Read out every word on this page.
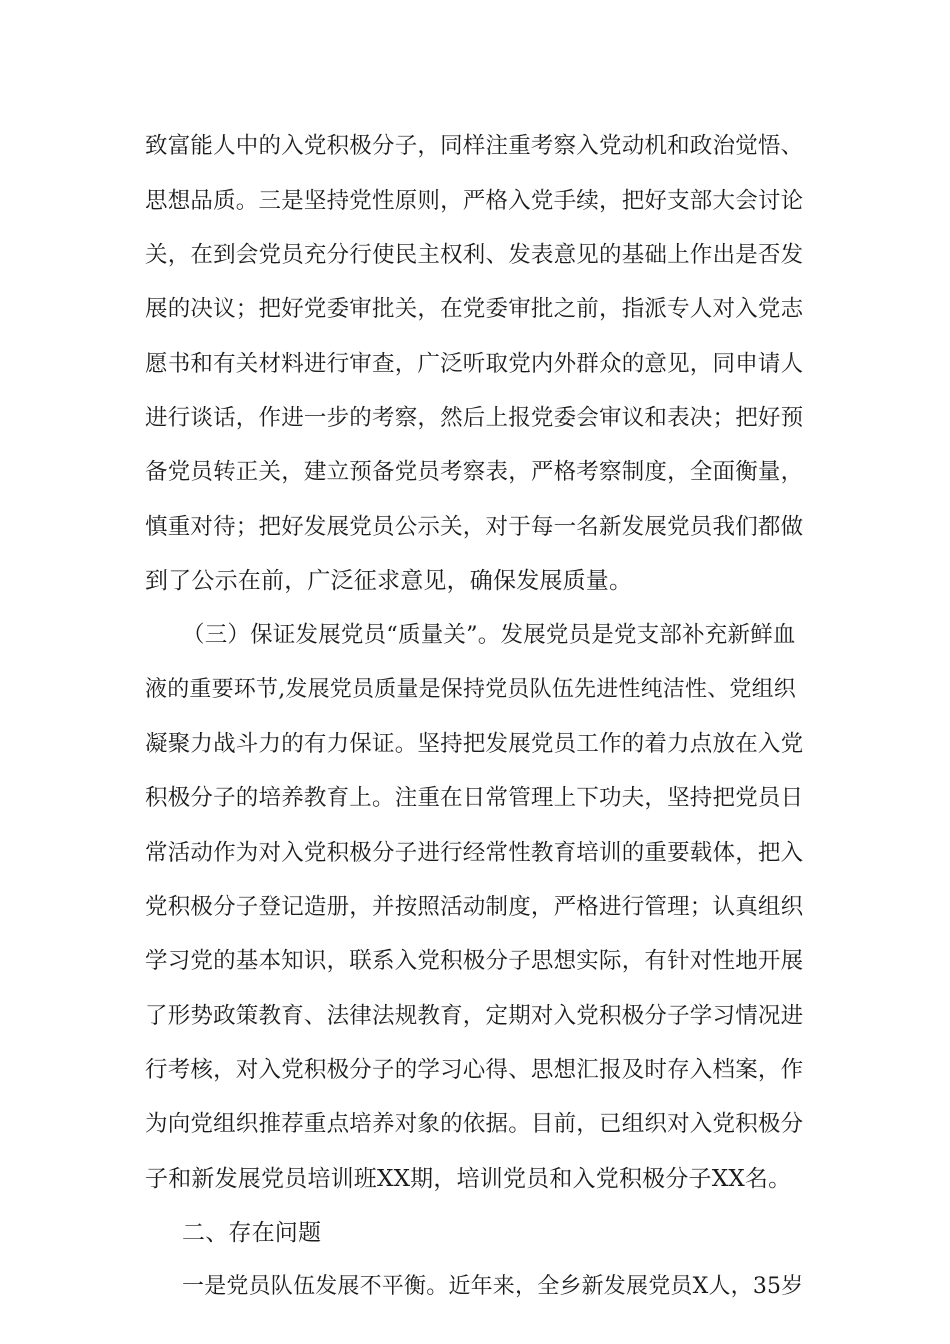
致富能人中的入党积极分子，同样注重考察入党动机和政治觉悟、
思想品质。三是坚持党性原则，严格入党手续，把好支部大会讨论
关，在到会党员充分行使民主权利、发表意见的基础上作出是否发
展的决议；把好党委审批关，在党委审批之前，指派专人对入党志
愿书和有关材料进行审查，广泛听取党内外群众的意见，同申请人
进行谈话，作进一步的考察，然后上报党委会审议和表决；把好预
备党员转正关，建立预备党员考察表，严格考察制度，全面衡量，
慎重对待；把好发展党员公示关，对于每一名新发展党员我们都做
到了公示在前，广泛征求意见，确保发展质量。
（三）保证发展党员“质量关”。发展党员是党支部补充新鲜血
液的重要环节,发展党员质量是保持党员队伍先进性纯洁性、党组织
凝聚力战斗力的有力保证。坚持把发展党员工作的着力点放在入党
积极分子的培养教育上。注重在日常管理上下功夫，坚持把党员日
常活动作为对入党积极分子进行经常性教育培训的重要载体，把入
党积极分子登记造册，并按照活动制度，严格进行管理；认真组织
学习党的基本知识，联系入党积极分子思想实际，有针对性地开展
了形势政策教育、法律法规教育，定期对入党积极分子学习情况进
行考核，对入党积极分子的学习心得、思想汇报及时存入档案，作
为向党组织推荐重点培养对象的依据。目前，已组织对入党积极分
子和新发展党员培训班XX期，培训党员和入党积极分子XX名。
二、存在问题
一是党员队伍发展不平衡。近年来，全乡新发展党员X人，35岁
